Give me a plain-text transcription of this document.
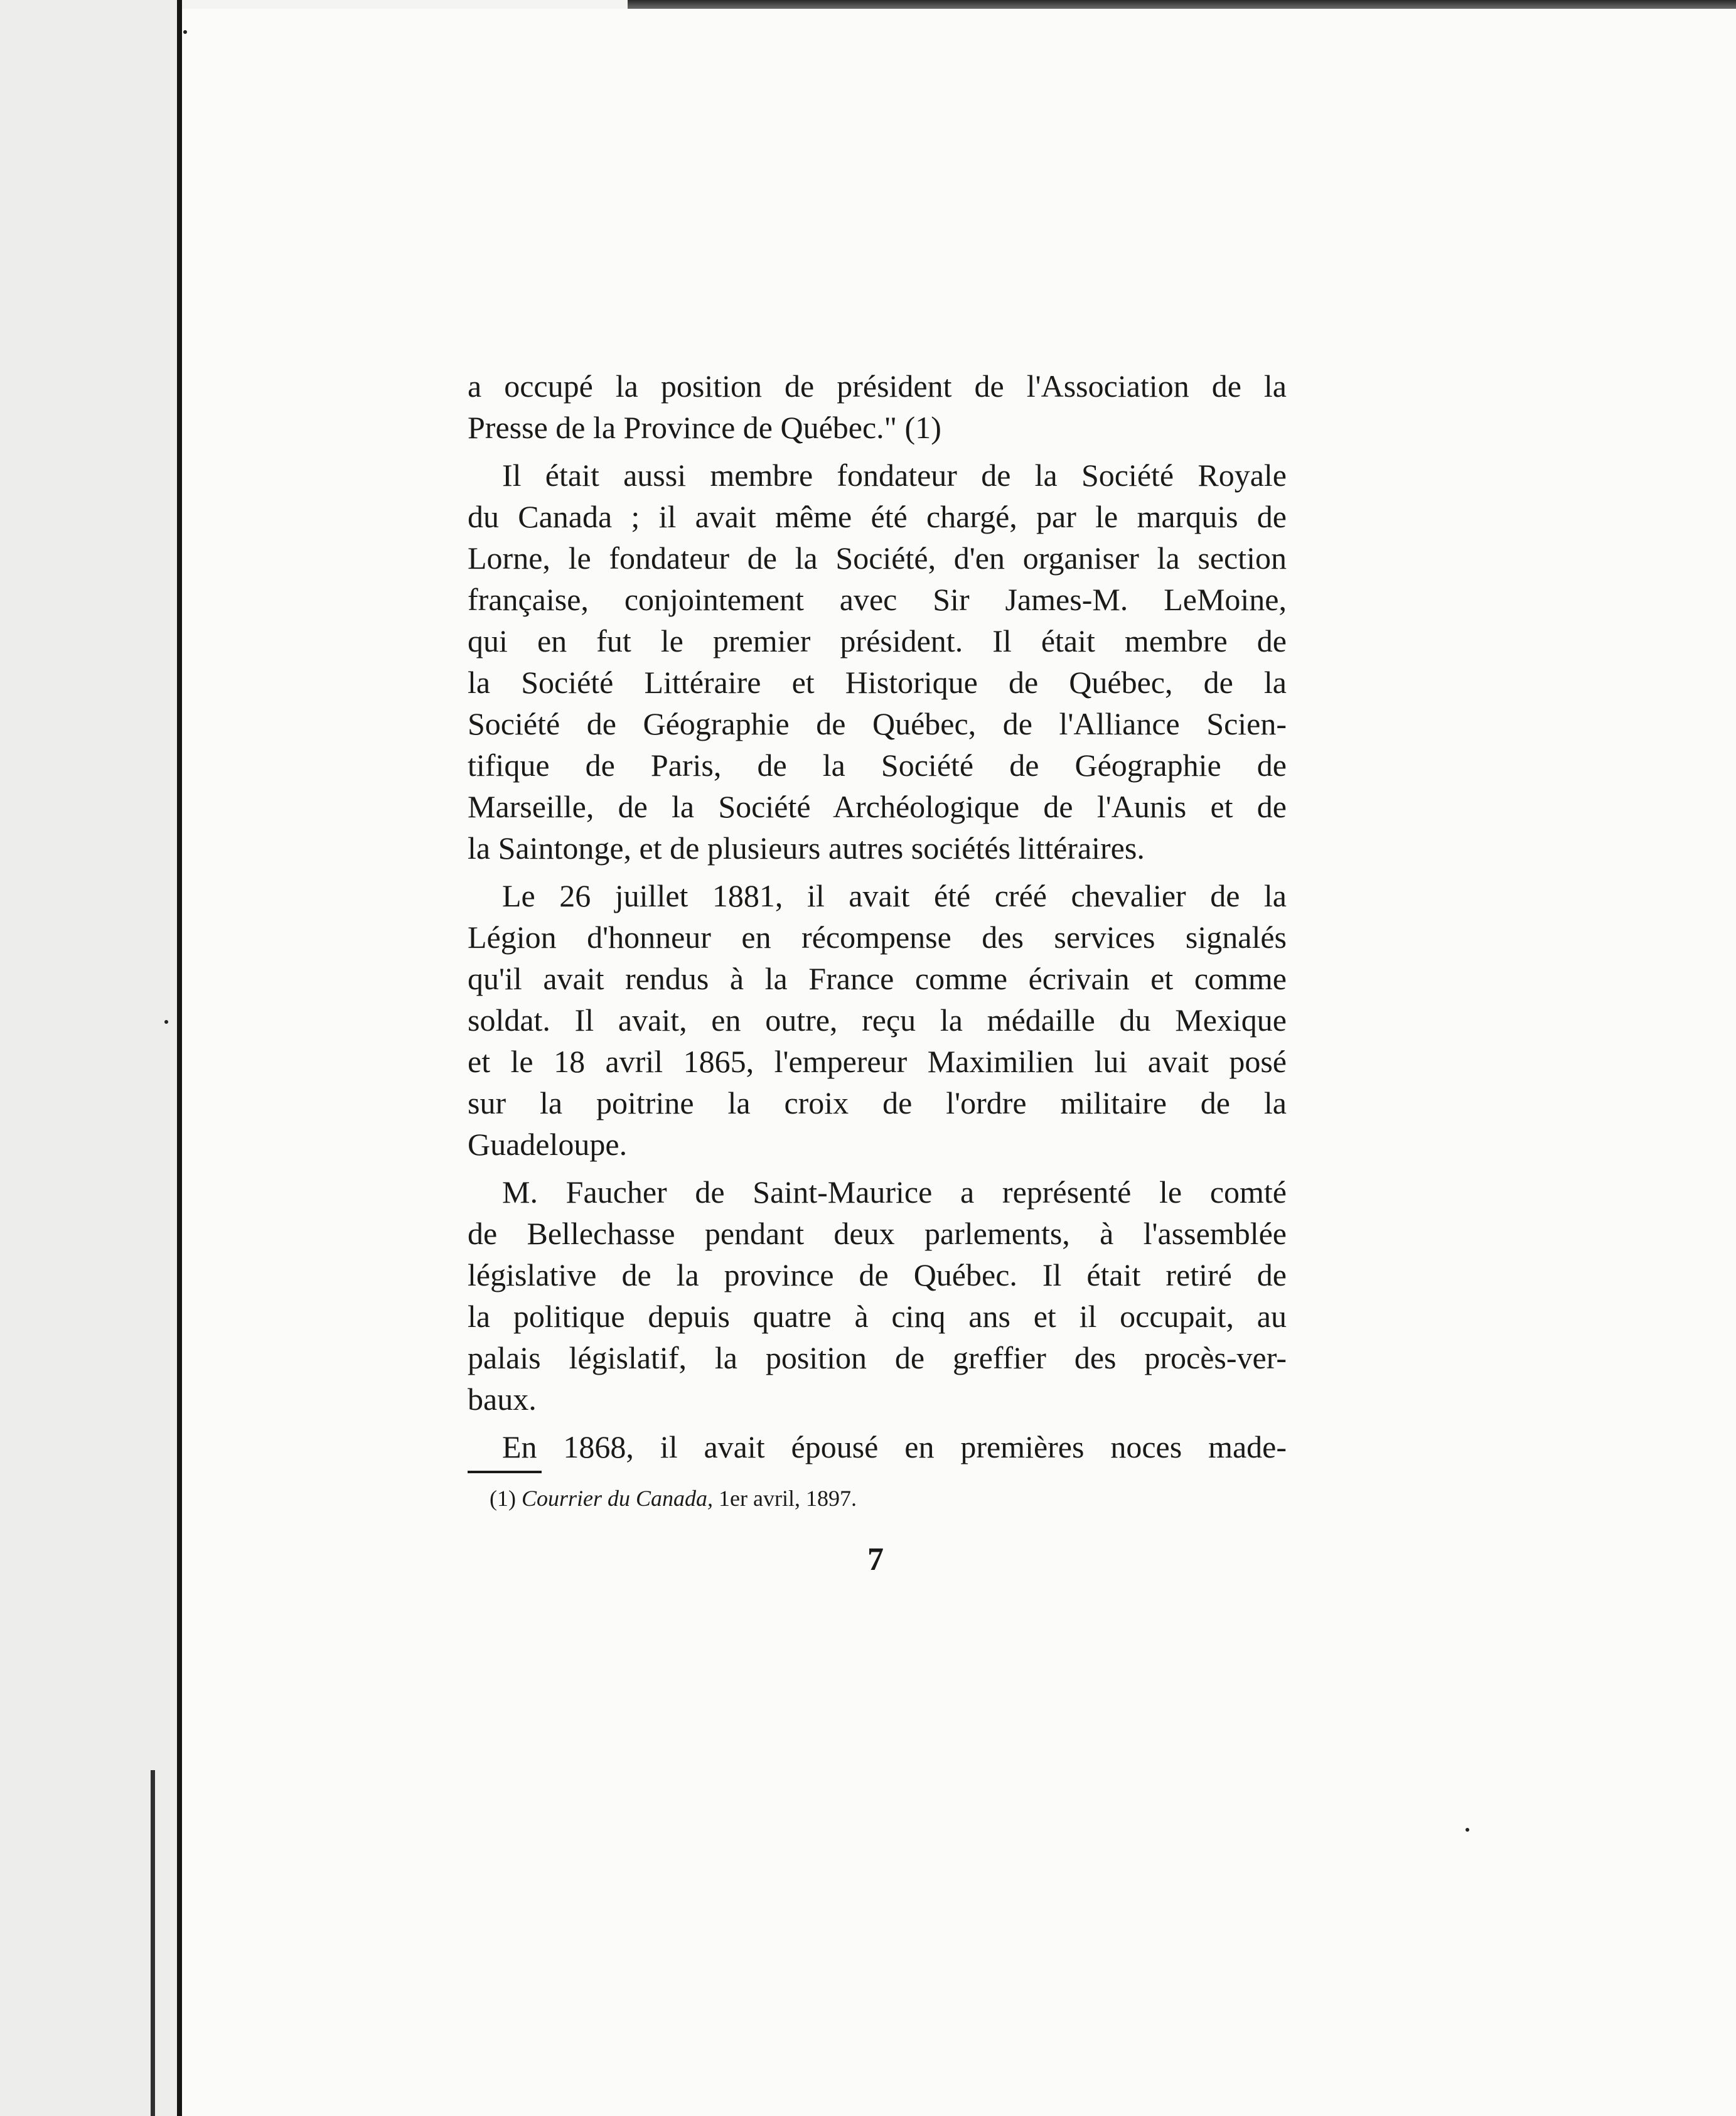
a occupé la position de président de l'Association de la
Presse de la Province de Québec." (1)
Il était aussi membre fondateur de la Société Royale
du Canada ; il avait même été chargé, par le marquis de
Lorne, le fondateur de la Société, d'en organiser la section
française, conjointement avec Sir James-M. LeMoine,
qui en fut le premier président. Il était membre de
la Société Littéraire et Historique de Québec, de la
Société de Géographie de Québec, de l'Alliance Scien-
tifique de Paris, de la Société de Géographie de
Marseille, de la Société Archéologique de l'Aunis et de
la Saintonge, et de plusieurs autres sociétés littéraires.
Le 26 juillet 1881, il avait été créé chevalier de la
Légion d'honneur en récompense des services signalés
qu'il avait rendus à la France comme écrivain et comme
soldat. Il avait, en outre, reçu la médaille du Mexique
et le 18 avril 1865, l'empereur Maximilien lui avait posé
sur la poitrine la croix de l'ordre militaire de la
Guadeloupe.
M. Faucher de Saint-Maurice a représenté le comté
de Bellechasse pendant deux parlements, à l'assemblée
législative de la province de Québec. Il était retiré de
la politique depuis quatre à cinq ans et il occupait, au
palais législatif, la position de greffier des procès-ver-
baux.
En 1868, il avait épousé en premières noces made-
(1) Courrier du Canada, 1er avril, 1897.
7
